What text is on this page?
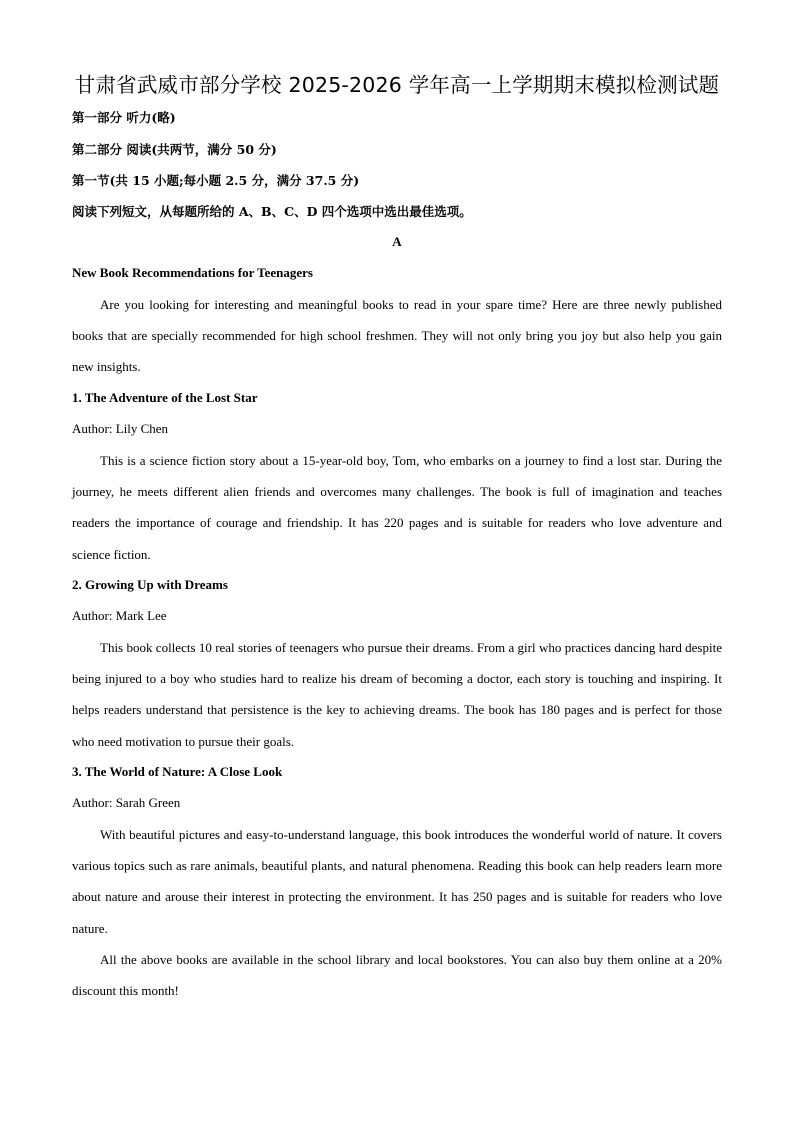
甘肃省武威市部分学校 2025-2026 学年高一上学期期末模拟检测试题
第一部分 听力(略)
第二部分 阅读(共两节，满分 50 分)
第一节(共 15 小题;每小题 2.5 分，满分 37.5 分)
阅读下列短文，从每题所给的 A、B、C、D 四个选项中选出最佳选项。
A
New Book Recommendations for Teenagers

Are you looking for interesting and meaningful books to read in your spare time? Here are three newly published books that are specially recommended for high school freshmen. They will not only bring you joy but also help you gain new insights.

1. The Adventure of the Lost Star
Author: Lily Chen

This is a science fiction story about a 15-year-old boy, Tom, who embarks on a journey to find a lost star. During the journey, he meets different alien friends and overcomes many challenges. The book is full of imagination and teaches readers the importance of courage and friendship. It has 220 pages and is suitable for readers who love adventure and science fiction.

2. Growing Up with Dreams
Author: Mark Lee

This book collects 10 real stories of teenagers who pursue their dreams. From a girl who practices dancing hard despite being injured to a boy who studies hard to realize his dream of becoming a doctor, each story is touching and inspiring. It helps readers understand that persistence is the key to achieving dreams. The book has 180 pages and is perfect for those who need motivation to pursue their goals.

3. The World of Nature: A Close Look
Author: Sarah Green

With beautiful pictures and easy-to-understand language, this book introduces the wonderful world of nature. It covers various topics such as rare animals, beautiful plants, and natural phenomena. Reading this book can help readers learn more about nature and arouse their interest in protecting the environment. It has 250 pages and is suitable for readers who love nature.

All the above books are available in the school library and local bookstores. You can also buy them online at a 20% discount this month!
